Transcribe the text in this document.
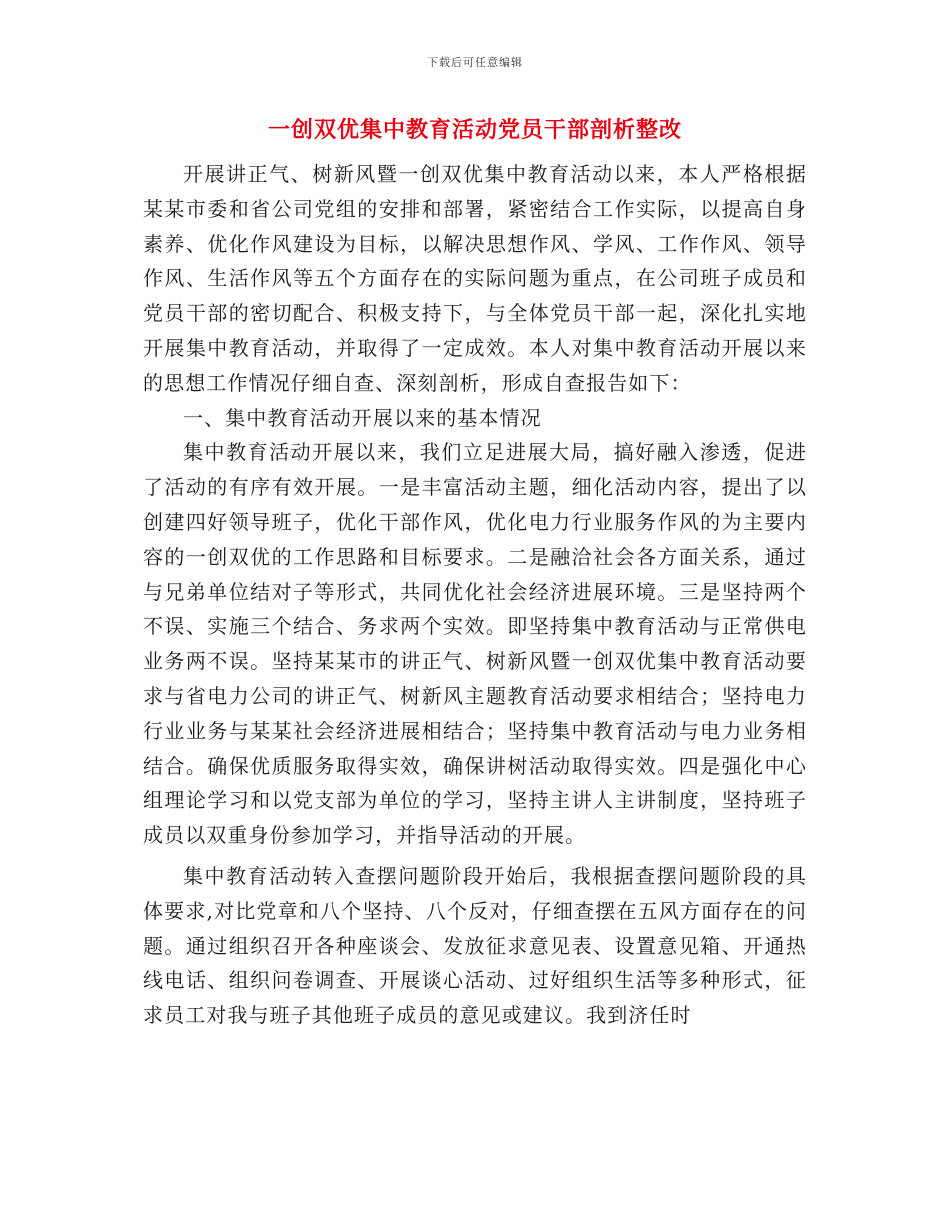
下载后可任意编辑
一创双优集中教育活动党员干部剖析整改

开展讲正气、树新风暨一创双优集中教育活动以来，本人严格根据某某市委和省公司党组的安排和部署，紧密结合工作实际，以提高自身素养、优化作风建设为目标，以解决思想作风、学风、工作作风、领导作风、生活作风等五个方面存在的实际问题为重点，在公司班子成员和党员干部的密切配合、积极支持下，与全体党员干部一起，深化扎实地开展集中教育活动，并取得了一定成效。本人对集中教育活动开展以来的思想工作情况仔细自查、深刻剖析，形成自查报告如下：

一、集中教育活动开展以来的基本情况

集中教育活动开展以来，我们立足进展大局，搞好融入渗透，促进了活动的有序有效开展。一是丰富活动主题，细化活动内容，提出了以创建四好领导班子，优化干部作风，优化电力行业服务作风的为主要内容的一创双优的工作思路和目标要求。二是融洽社会各方面关系，通过与兄弟单位结对子等形式，共同优化社会经济进展环境。三是坚持两个不误、实施三个结合、务求两个实效。即坚持集中教育活动与正常供电业务两不误。坚持某某市的讲正气、树新风暨一创双优集中教育活动要求与省电力公司的讲正气、树新风主题教育活动要求相结合；坚持电力行业业务与某某社会经济进展相结合；坚持集中教育活动与电力业务相结合。确保优质服务取得实效，确保讲树活动取得实效。四是强化中心组理论学习和以党支部为单位的学习，坚持主讲人主讲制度，坚持班子成员以双重身份参加学习，并指导活动的开展。

集中教育活动转入查摆问题阶段开始后，我根据查摆问题阶段的具体要求,对比党章和八个坚持、八个反对，仔细查摆在五风方面存在的问题。通过组织召开各种座谈会、发放征求意见表、设置意见箱、开通热线电话、组织问卷调查、开展谈心活动、过好组织生活等多种形式，征求员工对我与班子其他班子成员的意见或建议。我到济任时
